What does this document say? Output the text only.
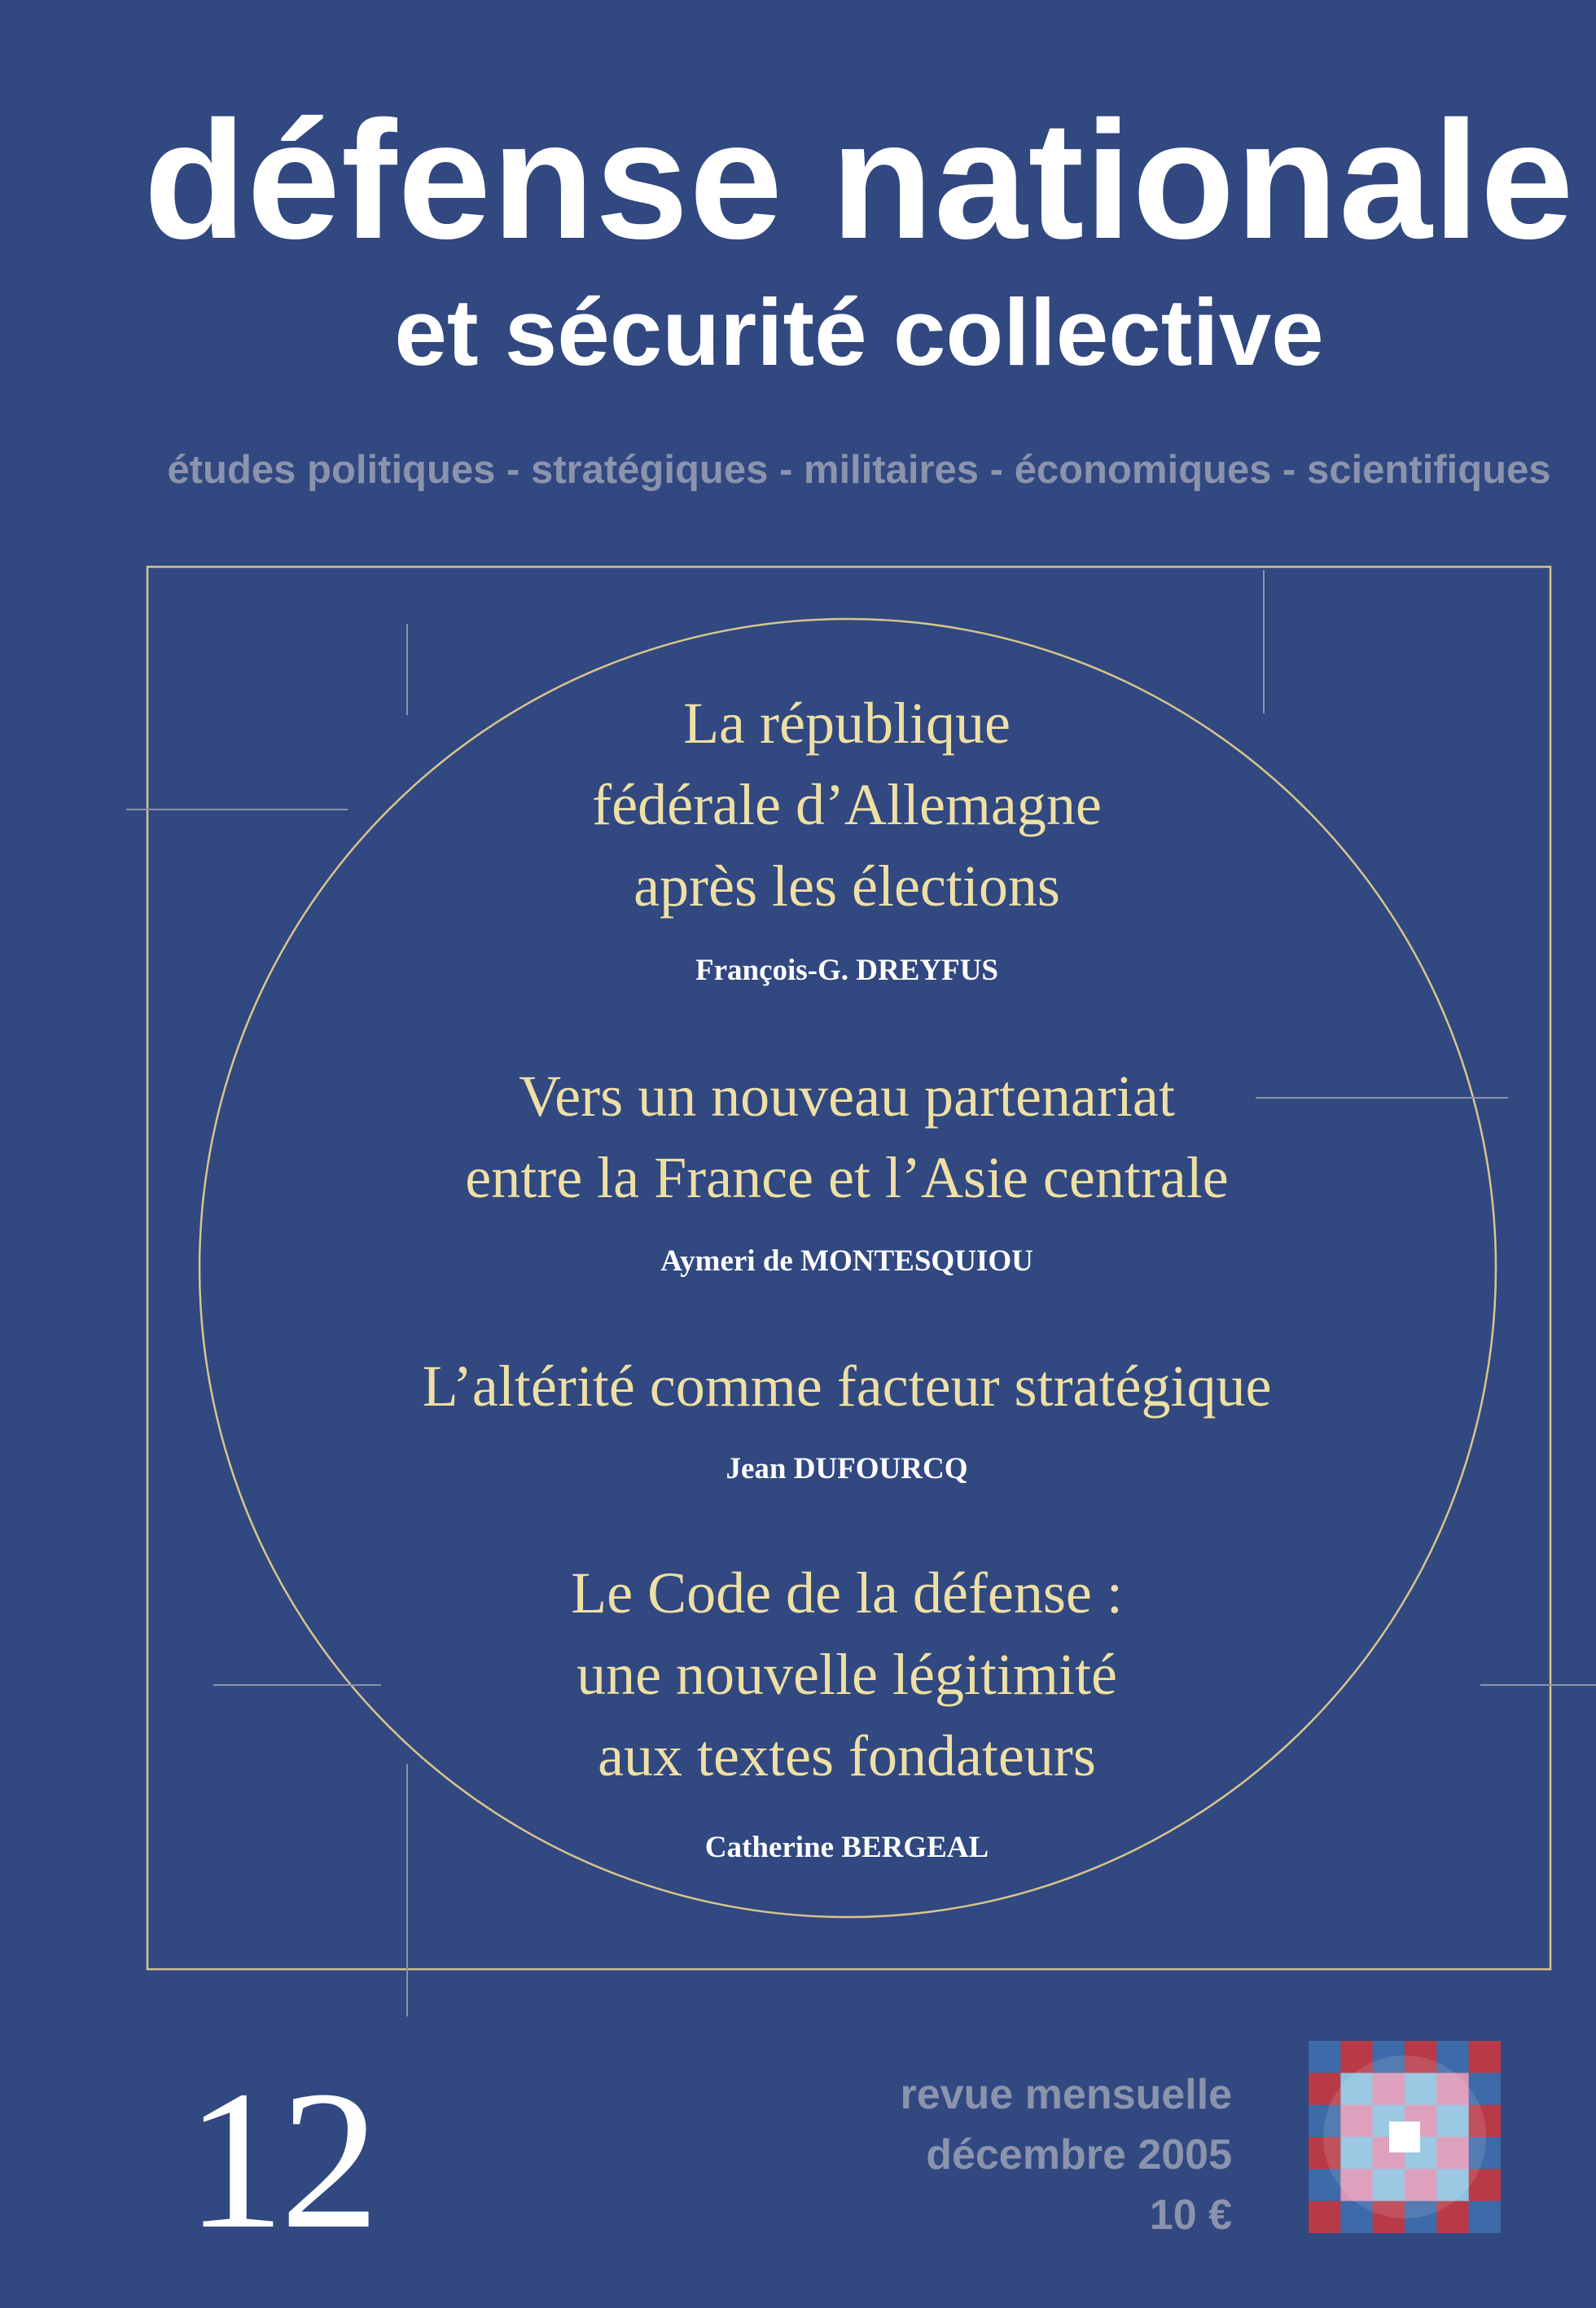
défense nationale
et sécurité collective
études politiques - stratégiques - militaires - économiques - scientifiques
La république
fédérale d’Allemagne
après les élections
François-G. DREYFUS
Vers un nouveau partenariat
entre la France et l’Asie centrale
Aymeri de MONTESQUIOU
L’altérité comme facteur stratégique
Jean DUFOURCQ
Le Code de la défense :
une nouvelle légitimité
aux textes fondateurs
Catherine BERGEAL
12	revue mensuelle
décembre 2005
10 €
